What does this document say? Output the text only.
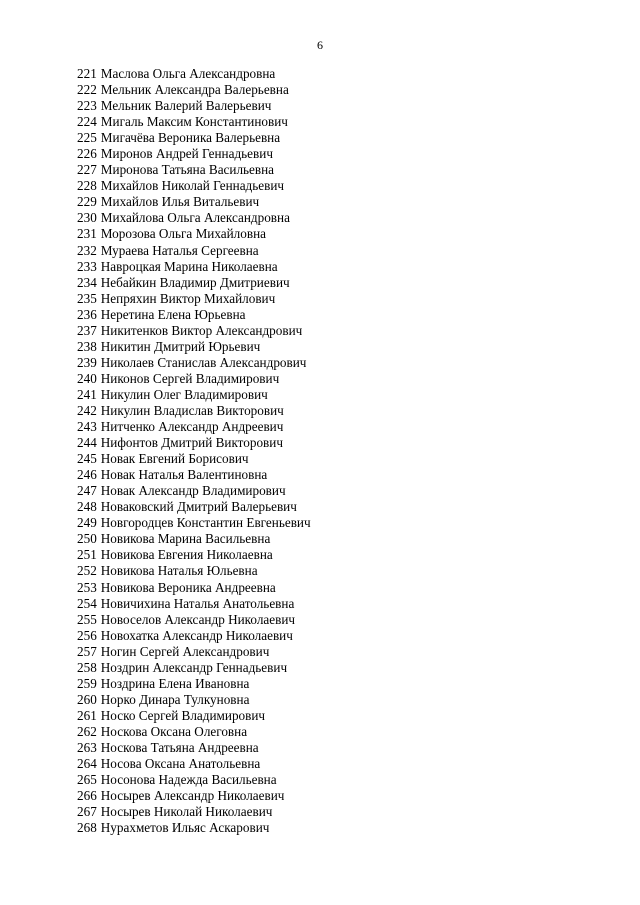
6
221 Маслова Ольга Александровна
222 Мельник Александра Валерьевна
223 Мельник Валерий Валерьевич
224 Мигаль Максим Константинович
225 Мигачёва Вероника Валерьевна
226 Миронов Андрей Геннадьевич
227 Миронова Татьяна Васильевна
228 Михайлов Николай Геннадьевич
229 Михайлов Илья Витальевич
230 Михайлова Ольга Александровна
231 Морозова Ольга Михайловна
232 Мураева Наталья Сергеевна
233 Навроцкая Марина Николаевна
234 Небайкин Владимир Дмитриевич
235 Непряхин Виктор Михайлович
236 Неретина Елена Юрьевна
237 Никитенков Виктор Александрович
238 Никитин Дмитрий Юрьевич
239 Николаев Станислав Александрович
240 Никонов Сергей Владимирович
241 Никулин Олег Владимирович
242 Никулин Владислав Викторович
243 Нитченко Александр Андреевич
244 Нифонтов Дмитрий Викторович
245 Новак Евгений Борисович
246 Новак Наталья Валентиновна
247 Новак Александр Владимирович
248 Новаковский Дмитрий Валерьевич
249 Новгородцев Константин Евгеньевич
250 Новикова Марина Васильевна
251 Новикова Евгения Николаевна
252 Новикова Наталья Юльевна
253 Новикова Вероника Андреевна
254 Новичихина Наталья Анатольевна
255 Новоселов Александр Николаевич
256 Новохатка Александр Николаевич
257 Ногин Сергей Александрович
258 Ноздрин Александр Геннадьевич
259 Ноздрина Елена Ивановна
260 Норко Динара Тулкуновна
261 Носко Сергей Владимирович
262 Носкова Оксана Олеговна
263 Носкова Татьяна Андреевна
264 Носова Оксана Анатольевна
265 Носонова Надежда Васильевна
266 Носырев Александр Николаевич
267 Носырев Николай Николаевич
268 Нурахметов Ильяс Аскарович
